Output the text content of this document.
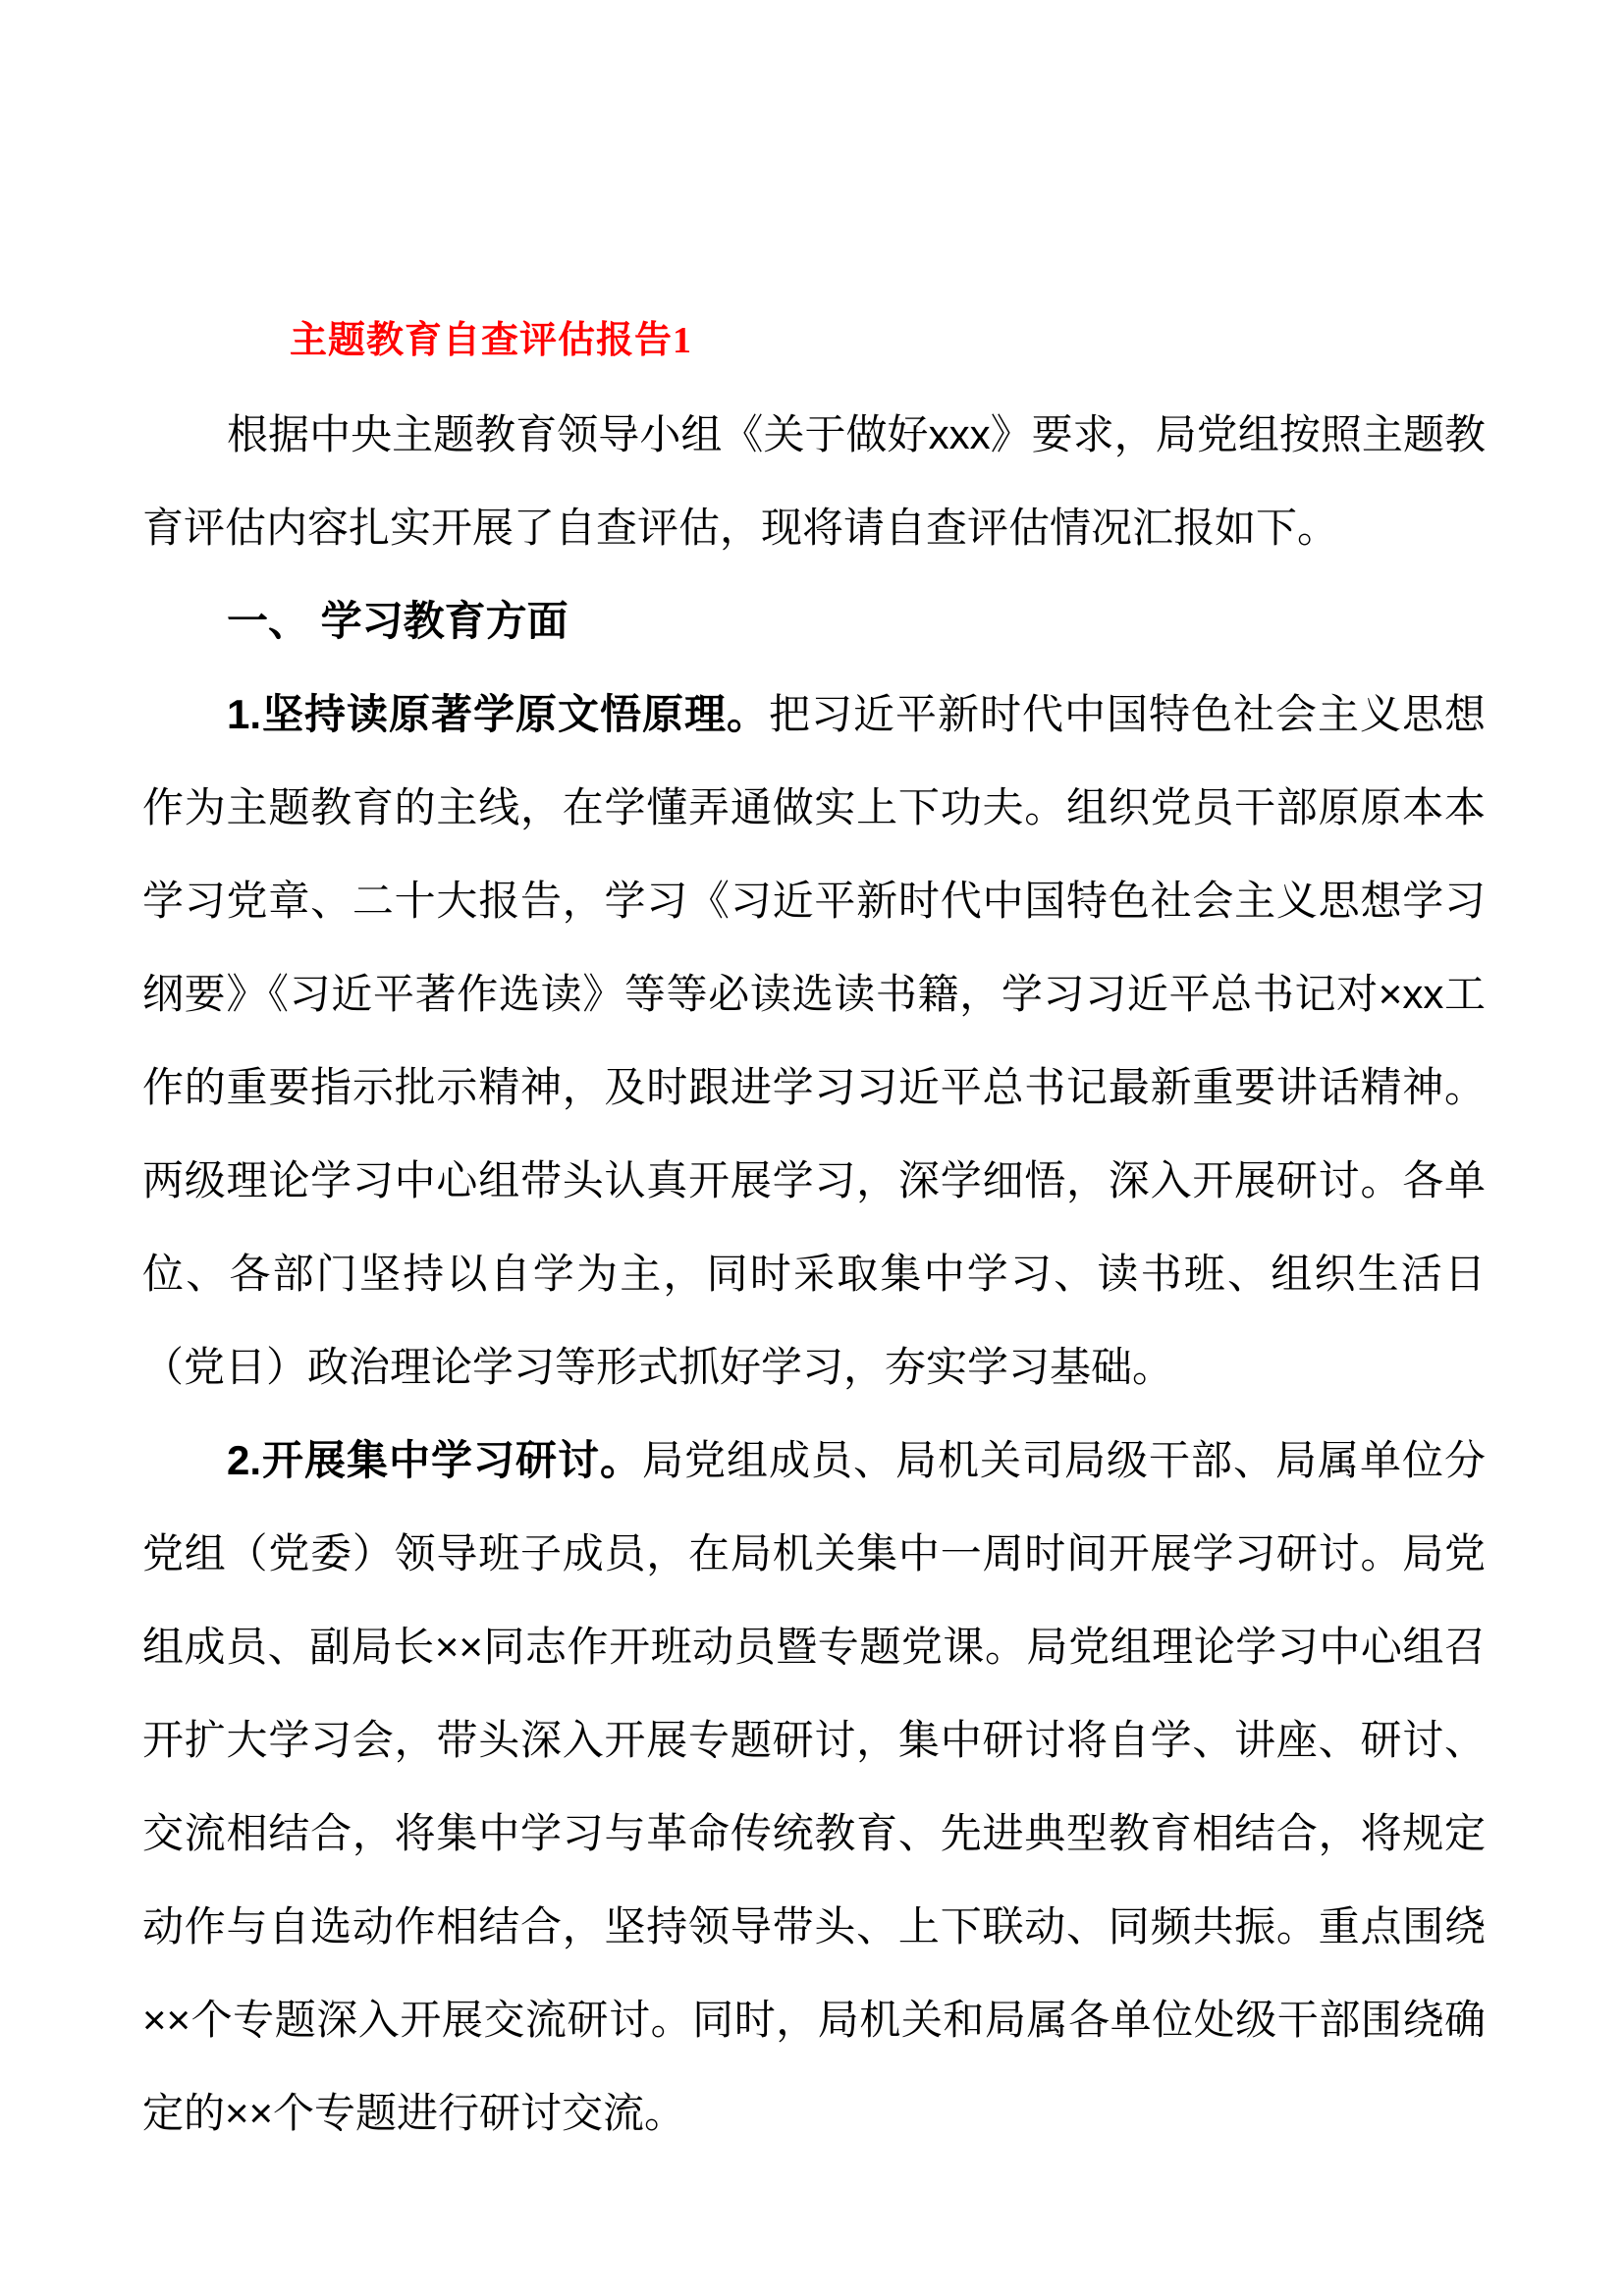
主题教育自查评估报告1

根据中央主题教育领导小组《关于做好xxx》要求，局党组按照主题教育评估内容扎实开展了自查评估，现将请自查评估情况汇报如下。

一、 学习教育方面

1.坚持读原著学原文悟原理。把习近平新时代中国特色社会主义思想作为主题教育的主线，在学懂弄通做实上下功夫。组织党员干部原原本本学习党章、二十大报告，学习《习近平新时代中国特色社会主义思想学习纲要》《习近平著作选读》等等必读选读书籍，学习习近平总书记对×xx工作的重要指示批示精神，及时跟进学习习近平总书记最新重要讲话精神。两级理论学习中心组带头认真开展学习，深学细悟，深入开展研讨。各单位、各部门坚持以自学为主，同时采取集中学习、读书班、组织生活日（党日）政治理论学习等形式抓好学习，夯实学习基础。

2.开展集中学习研讨。局党组成员、局机关司局级干部、局属单位分党组（党委）领导班子成员，在局机关集中一周时间开展学习研讨。局党组成员、副局长××同志作开班动员暨专题党课。局党组理论学习中心组召开扩大学习会，带头深入开展专题研讨，集中研讨将自学、讲座、研讨、交流相结合，将集中学习与革命传统教育、先进典型教育相结合，将规定动作与自选动作相结合，坚持领导带头、上下联动、同频共振。重点围绕××个专题深入开展交流研讨。同时，局机关和局属各单位处级干部围绕确定的××个专题进行研讨交流。
